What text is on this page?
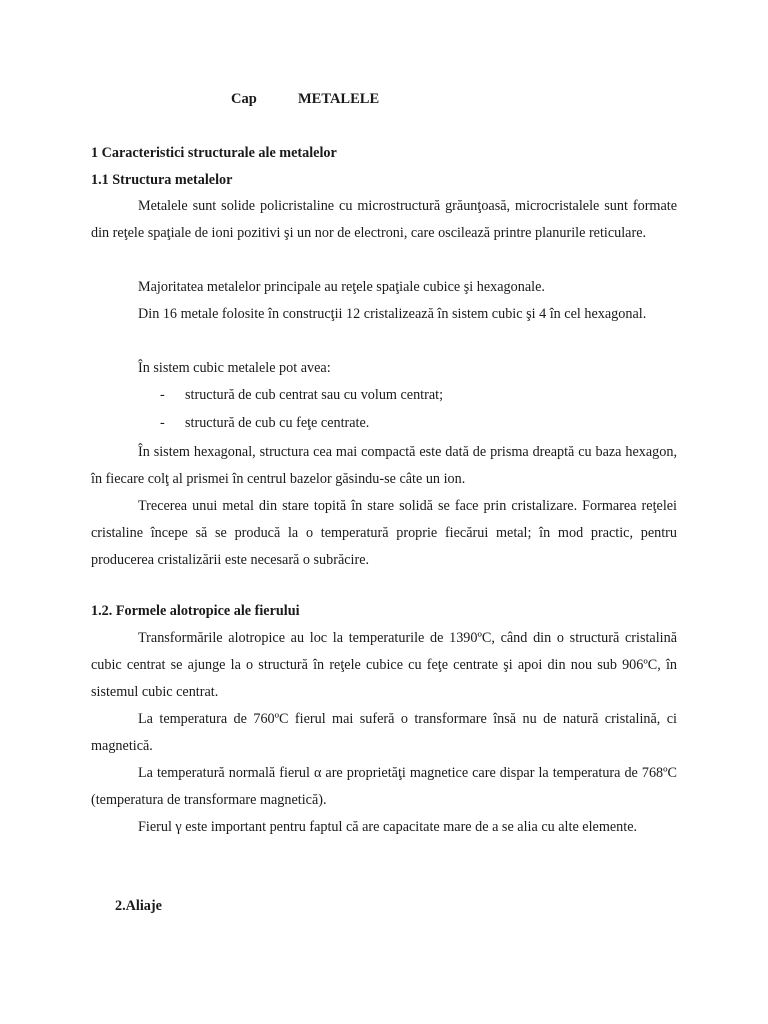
Cap	METALELE
1 Caracteristici structurale ale metalelor
1.1 Structura metalelor

Metalele sunt solide policristaline cu microstructură grăunţoasă, microcristalele sunt formate din reţele spaţiale de ioni pozitivi şi un nor de electroni, care oscilează printre planurile reticulare.

Majoritatea metalelor principale au reţele spaţiale cubice şi hexagonale.

Din 16 metale folosite în construcţii 12 cristalizează în sistem cubic şi 4 în cel hexagonal.

În sistem cubic metalele pot avea:

- structură de cub centrat sau cu volum centrat;
- structură de cub cu feţe centrate.

În sistem hexagonal, structura cea mai compactă este dată de prisma dreaptă cu baza hexagon, în fiecare colţ al prismei în centrul bazelor găsindu-se câte un ion.

Trecerea unui metal din stare topită în stare solidă se face prin cristalizare. Formarea reţelei cristaline începe să se producă la o temperatură proprie fiecărui metal; în mod practic, pentru producerea cristalizării este necesară o subrăcire.

1.2. Formele alotropice ale fierului

Transformările alotropice au loc la temperaturile de 1390ºC, când din o structură cristalină cubic centrat se ajunge la o structură în reţele cubice cu feţe centrate şi apoi din nou sub 906ºC, în sistemul cubic centrat.

La temperatura de 760ºC fierul mai suferă o transformare însă nu de natură cristalină, ci magnetică.

La temperatură normală fierul α are proprietăţi magnetice care dispar la temperatura de 768ºC (temperatura de transformare magnetică).

Fierul γ este important pentru faptul că are capacitate mare de a se alia cu alte elemente.

2.Aliaje
